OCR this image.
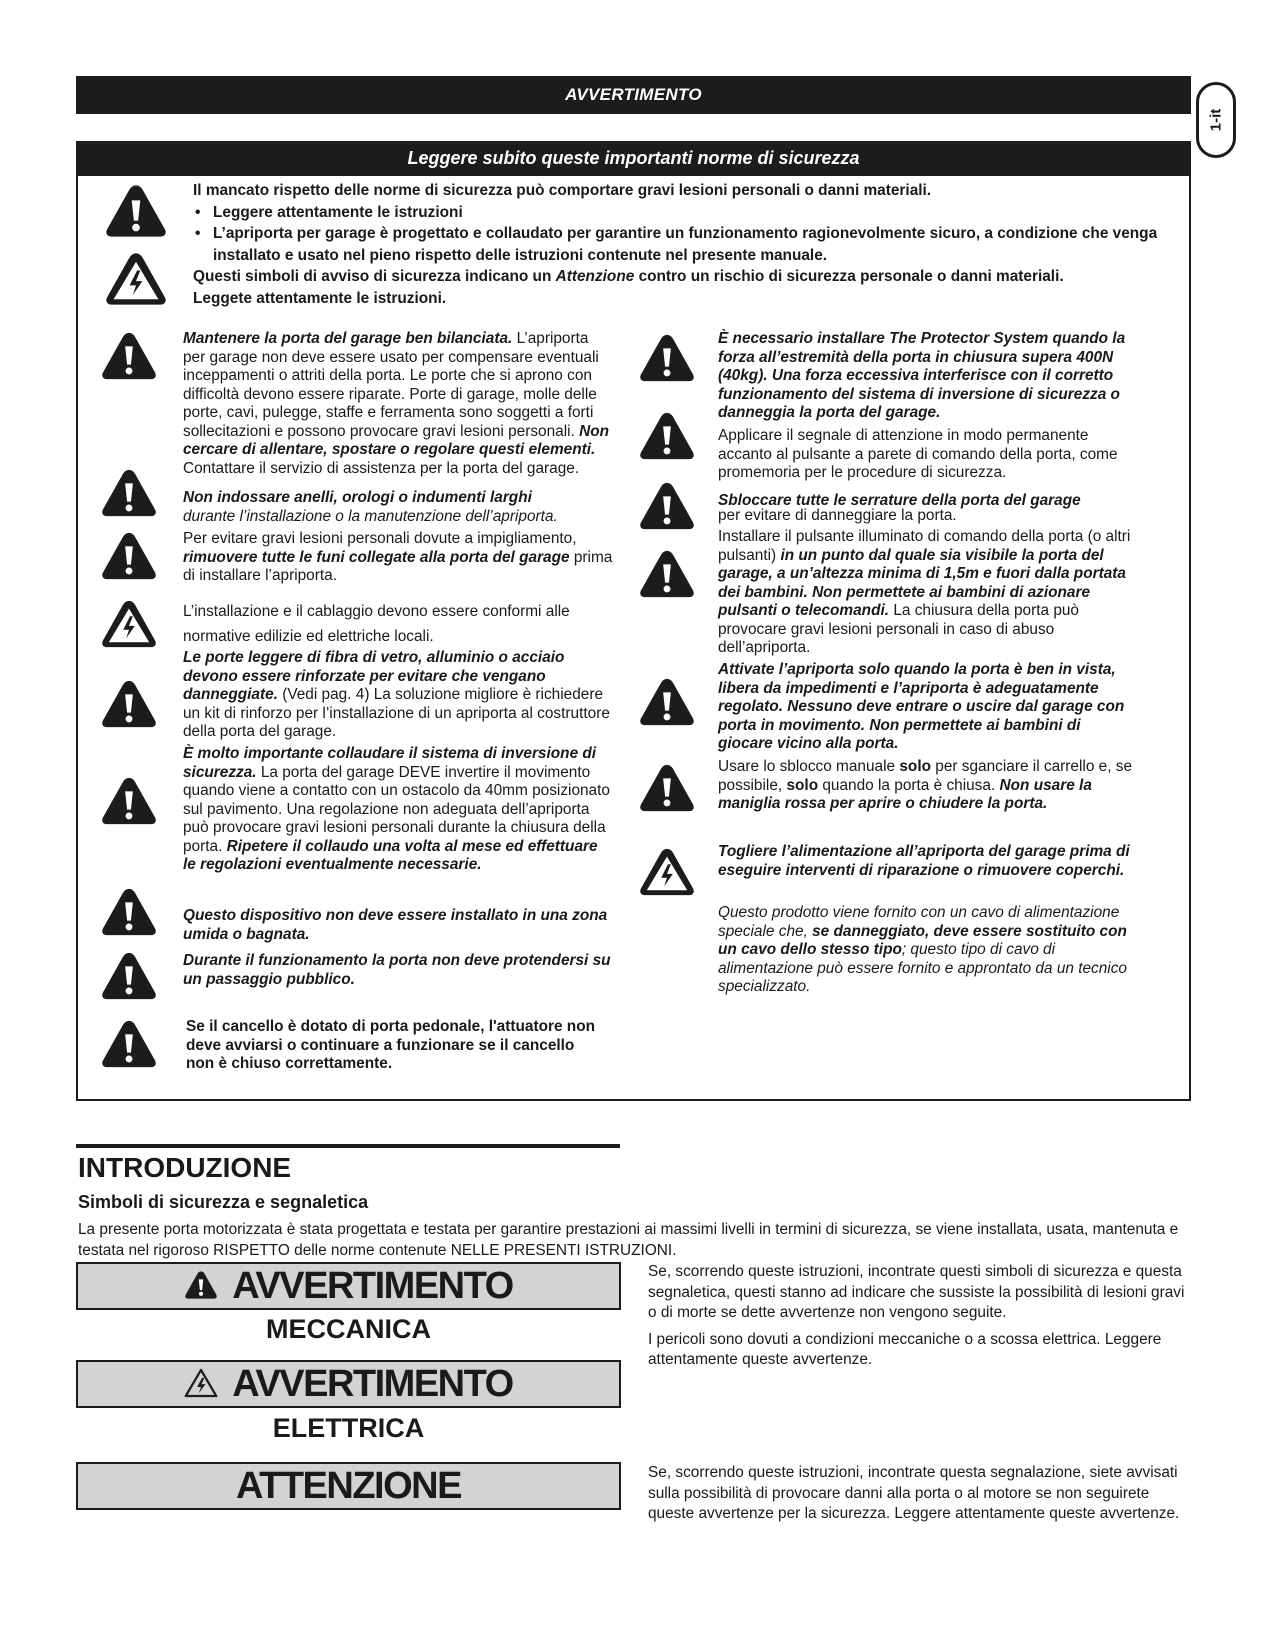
AVVERTIMENTO
1-it
Leggere subito queste importanti norme di sicurezza
Il mancato rispetto delle norme di sicurezza può comportare gravi lesioni personali o danni materiali.
• Leggere attentamente le istruzioni
• L’apriporta per garage è progettato e collaudato per garantire un funzionamento ragionevolmente sicuro, a condizione che venga installato e usato nel pieno rispetto delle istruzioni contenute nel presente manuale.
Questi simboli di avviso di sicurezza indicano un Attenzione contro un rischio di sicurezza personale o danni materiali.
Leggete attentamente le istruzioni.
Mantenere la porta del garage ben bilanciata. L’apriporta per garage non deve essere usato per compensare eventuali inceppamenti o attriti della porta. Le porte che si aprono con difficoltà devono essere riparate. Porte di garage, molle delle porte, cavi, pulegge, staffe e ferramenta sono soggetti a forti sollecitazioni e possono provocare gravi lesioni personali. Non cercare di allentare, spostare o regolare questi elementi. Contattare il servizio di assistenza per la porta del garage.
Non indossare anelli, orologi o indumenti larghi
durante l’installazione o la manutenzione dell’apriporta.
Per evitare gravi lesioni personali dovute a impigliamento, rimuovere tutte le funi collegate alla porta del garage prima di installare l’apriporta.
L’installazione e il cablaggio devono essere conformi alle
normative edilizie ed elettriche locali.
Le porte leggere di fibra di vetro, alluminio o acciaio devono essere rinforzate per evitare che vengano danneggiate. (Vedi pag. 4) La soluzione migliore è richiedere un kit di rinforzo per l’installazione di un apriporta al costruttore della porta del garage.
È molto importante collaudare il sistema di inversione di sicurezza. La porta del garage DEVE invertire il movimento quando viene a contatto con un ostacolo da 40mm posizionato sul pavimento. Una regolazione non adeguata dell’apriporta può provocare gravi lesioni personali durante la chiusura della porta. Ripetere il collaudo una volta al mese ed effettuare le regolazioni eventualmente necessarie.
Questo dispositivo non deve essere installato in una zona umida o bagnata.
Durante il funzionamento la porta non deve protendersi su un passaggio pubblico.
Se il cancello è dotato di porta pedonale, l'attuatore non deve avviarsi o continuare a funzionare se il cancello non è chiuso correttamente.
È necessario installare The Protector System quando la forza all’estremità della porta in chiusura supera 400N (40kg). Una forza eccessiva interferisce con il corretto funzionamento del sistema di inversione di sicurezza o danneggia la porta del garage.
Applicare il segnale di attenzione in modo permanente accanto al pulsante a parete di comando della porta, come promemoria per le procedure di sicurezza.
Sbloccare tutte le serrature della porta del garage
per evitare di danneggiare la porta.
Installare il pulsante illuminato di comando della porta (o altri pulsanti) in un punto dal quale sia visibile la porta del garage, a un’altezza minima di 1,5m e fuori dalla portata dei bambini. Non permettete ai bambini di azionare pulsanti o telecomandi. La chiusura della porta può provocare gravi lesioni personali in caso di abuso dell’apriporta.
Attivate l’apriporta solo quando la porta è ben in vista, libera da impedimenti e l’apriporta è adeguatamente regolato. Nessuno deve entrare o uscire dal garage con porta in movimento. Non permettete ai bambini di giocare vicino alla porta.
Usare lo sblocco manuale solo per sganciare il carrello e, se possibile, solo quando la porta è chiusa. Non usare la maniglia rossa per aprire o chiudere la porta.
Togliere l’alimentazione all’apriporta del garage prima di eseguire interventi di riparazione o rimuovere coperchi.
Questo prodotto viene fornito con un cavo di alimentazione speciale che, se danneggiato, deve essere sostituito con un cavo dello stesso tipo; questo tipo di cavo di alimentazione può essere fornito e approntato da un tecnico specializzato.
INTRODUZIONE
Simboli di sicurezza e segnaletica
La presente porta motorizzata è stata progettata e testata per garantire prestazioni ai massimi livelli in termini di sicurezza, se viene installata, usata, mantenuta e testata nel rigoroso RISPETTO delle norme contenute NELLE PRESENTI ISTRUZIONI.
AVVERTIMENTO
MECCANICA
AVVERTIMENTO
ELETTRICA
ATTENZIONE
Se, scorrendo queste istruzioni, incontrate questi simboli di sicurezza e questa segnaletica, questi stanno ad indicare che sussiste la possibilità di lesioni gravi o di morte se dette avvertenze non vengono seguite.
I pericoli sono dovuti a condizioni meccaniche o a scossa elettrica. Leggere attentamente queste avvertenze.
Se, scorrendo queste istruzioni, incontrate questa segnalazione, siete avvisati sulla possibilità di provocare danni alla porta o al motore se non seguirete queste avvertenze per la sicurezza. Leggere attentamente queste avvertenze.
